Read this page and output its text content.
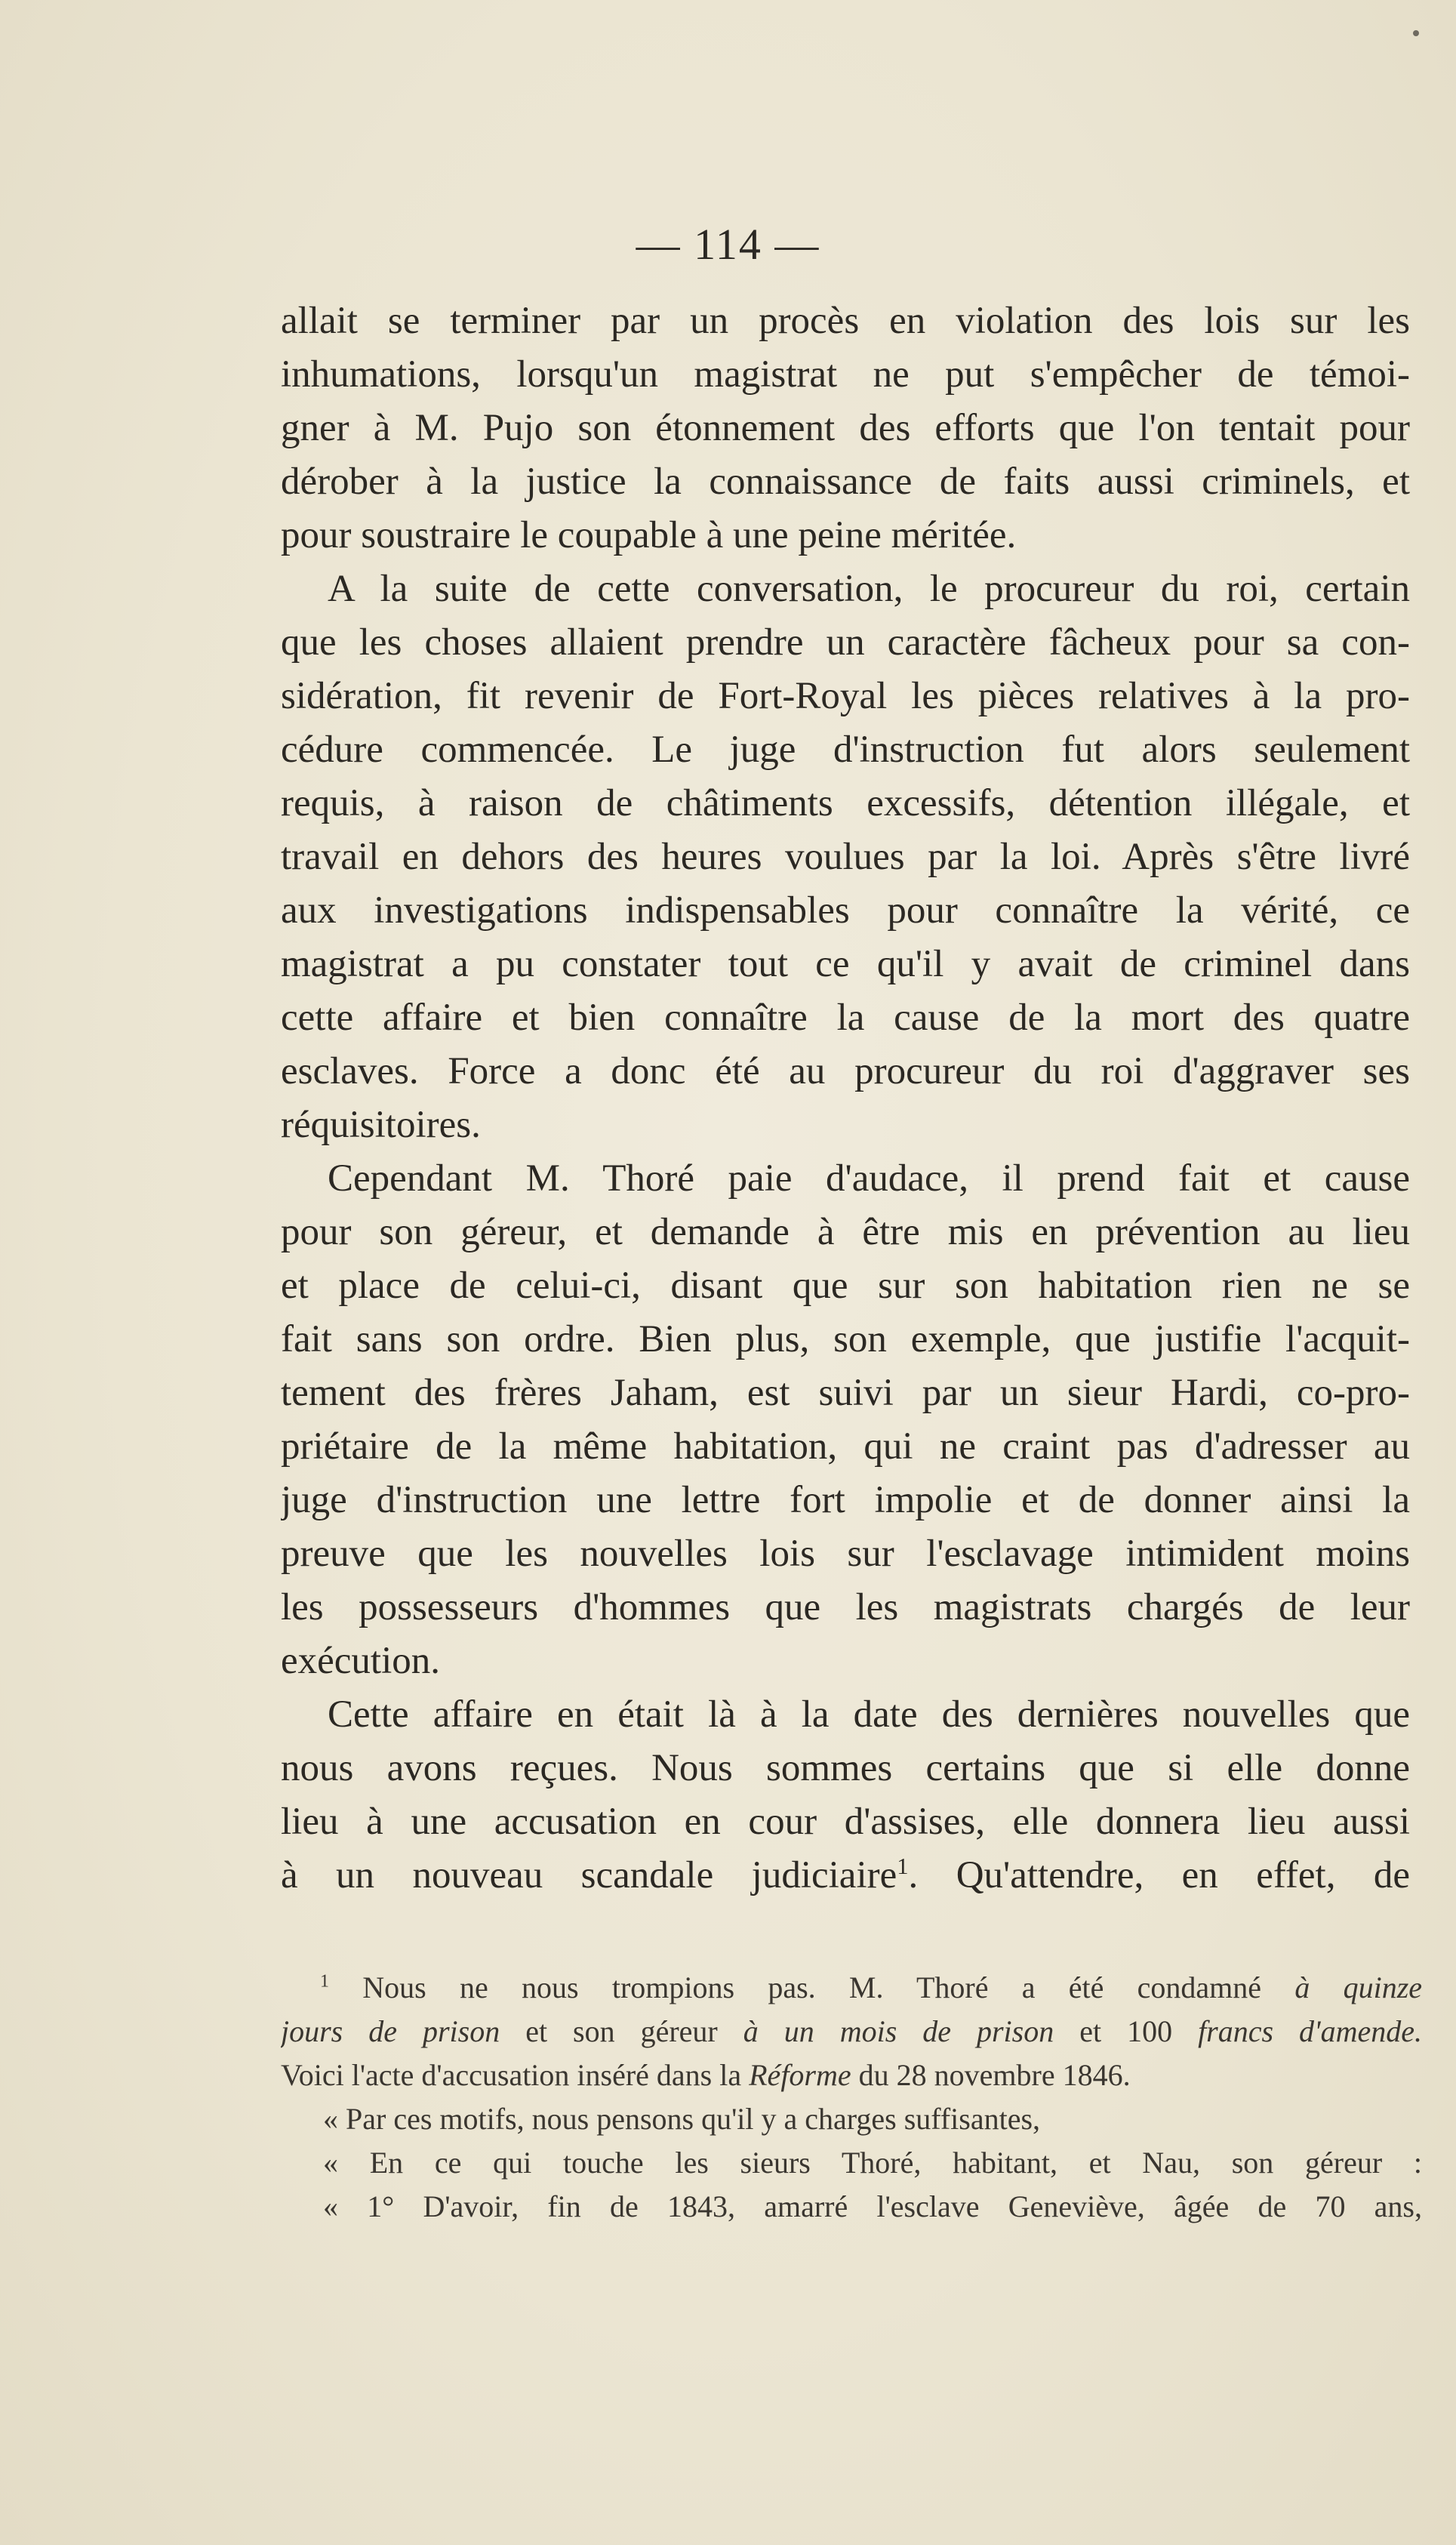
— 114 —
allait se terminer par un procès en violation des lois sur les
inhumations, lorsqu'un magistrat ne put s'empêcher de témoi-
gner à M. Pujo son étonnement des efforts que l'on tentait pour
dérober à la justice la connaissance de faits aussi criminels, et
pour soustraire le coupable à une peine méritée.
A la suite de cette conversation, le procureur du roi, certain
que les choses allaient prendre un caractère fâcheux pour sa con-
sidération, fit revenir de Fort-Royal les pièces relatives à la pro-
cédure commencée. Le juge d'instruction fut alors seulement
requis, à raison de châtiments excessifs, détention illégale, et
travail en dehors des heures voulues par la loi. Après s'être livré
aux investigations indispensables pour connaître la vérité, ce
magistrat a pu constater tout ce qu'il y avait de criminel dans
cette affaire et bien connaître la cause de la mort des quatre
esclaves. Force a donc été au procureur du roi d'aggraver ses
réquisitoires.
Cependant M. Thoré paie d'audace, il prend fait et cause
pour son géreur, et demande à être mis en prévention au lieu
et place de celui-ci, disant que sur son habitation rien ne se
fait sans son ordre. Bien plus, son exemple, que justifie l'acquit-
tement des frères Jaham, est suivi par un sieur Hardi, co-pro-
priétaire de la même habitation, qui ne craint pas d'adresser au
juge d'instruction une lettre fort impolie et de donner ainsi la
preuve que les nouvelles lois sur l'esclavage intimident moins
les possesseurs d'hommes que les magistrats chargés de leur
exécution.
Cette affaire en était là à la date des dernières nouvelles que
nous avons reçues. Nous sommes certains que si elle donne
lieu à une accusation en cour d'assises, elle donnera lieu aussi
à un nouveau scandale judiciaire$^1$. Qu'attendre, en effet, de
$^1$ Nous ne nous trompions pas. M. Thoré a été condamné à quinze
jours de prison et son géreur à un mois de prison et 100 francs d'amende.
Voici l'acte d'accusation inséré dans la Réforme du 28 novembre 1846.
« Par ces motifs, nous pensons qu'il y a charges suffisantes,
« En ce qui touche les sieurs Thoré, habitant, et Nau, son géreur :
« 1° D'avoir, fin de 1843, amarré l'esclave Geneviève, âgée de 70 ans,
